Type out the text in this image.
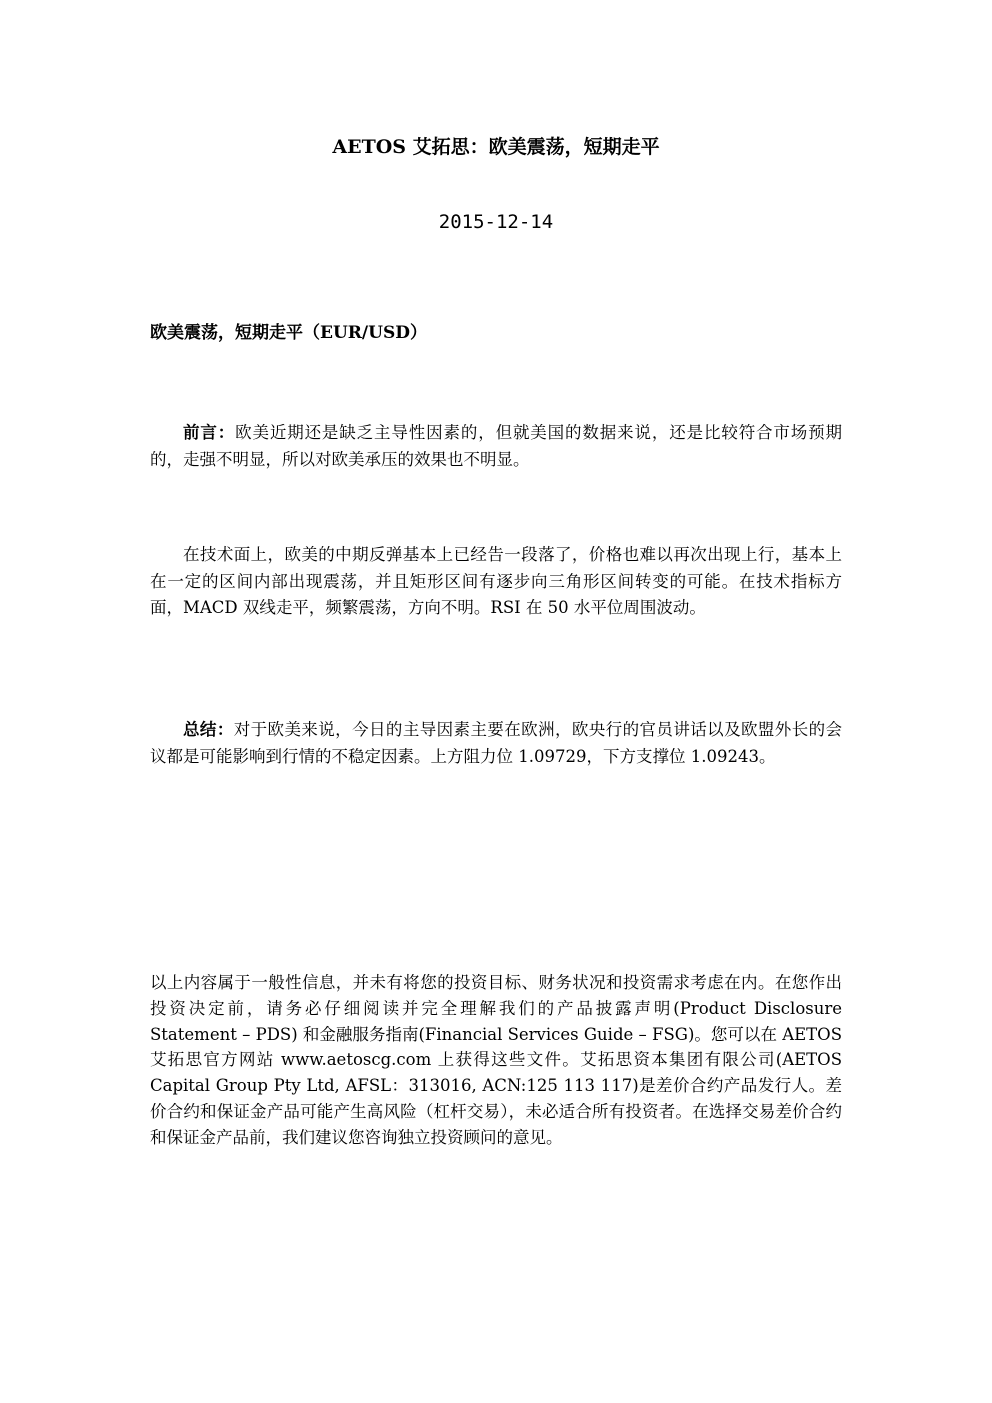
AETOS 艾拓思：欧美震荡，短期走平
2015-12-14
欧美震荡，短期走平（EUR/USD）

前言：欧美近期还是缺乏主导性因素的，但就美国的数据来说，还是比较符合市场预期的，走强不明显，所以对欧美承压的效果也不明显。

在技术面上，欧美的中期反弹基本上已经告一段落了，价格也难以再次出现上行，基本上在一定的区间内部出现震荡，并且矩形区间有逐步向三角形区间转变的可能。在技术指标方面，MACD 双线走平，频繁震荡，方向不明。RSI 在 50 水平位周围波动。

总结：对于欧美来说，今日的主导因素主要在欧洲，欧央行的官员讲话以及欧盟外长的会议都是可能影响到行情的不稳定因素。上方阻力位 1.09729，下方支撑位 1.09243。

以上内容属于一般性信息，并未有将您的投资目标、财务状况和投资需求考虑在内。在您作出投资决定前，请务必仔细阅读并完全理解我们的产品披露声明(Product Disclosure Statement – PDS) 和金融服务指南(Financial Services Guide – FSG)。您可以在 AETOS 艾拓思官方网站 www.aetoscg.com 上获得这些文件。艾拓思资本集团有限公司(AETOS Capital Group Pty Ltd, AFSL：313016, ACN:125 113 117)是差价合约产品发行人。差价合约和保证金产品可能产生高风险（杠杆交易），未必适合所有投资者。在选择交易差价合约和保证金产品前，我们建议您咨询独立投资顾问的意见。
